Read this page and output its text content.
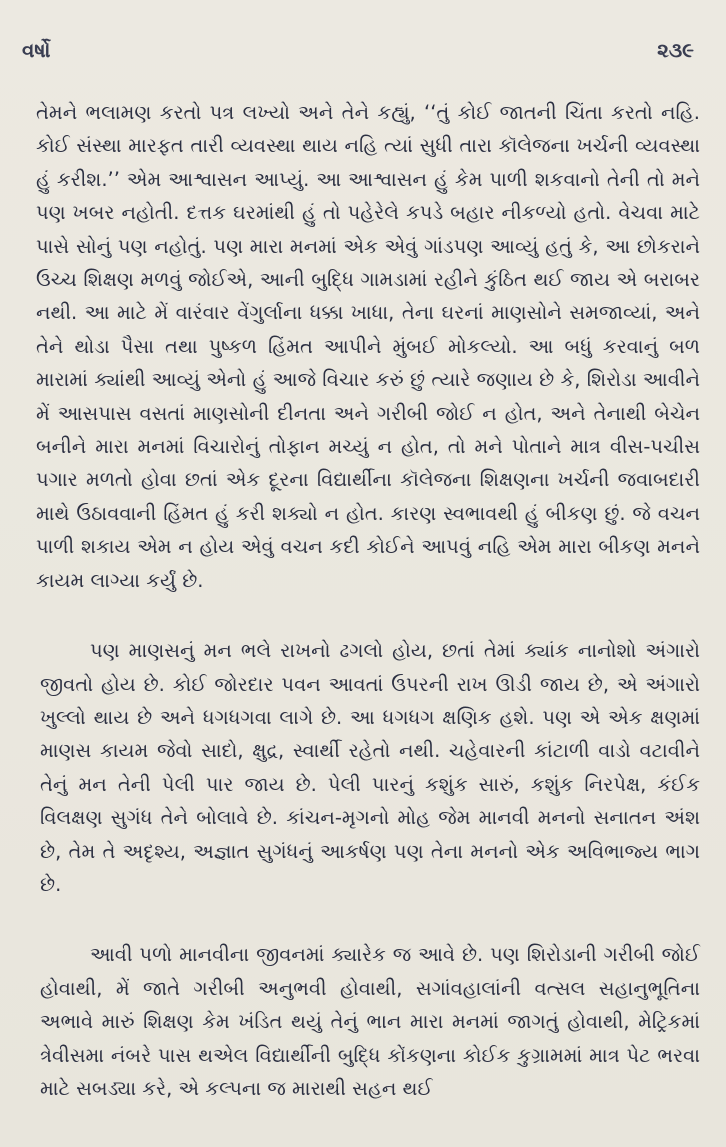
વર્ષો	૨૩૯

તેમને ભલામણ કરતો પત્ર લખ્યો અને તેને કહ્યું, ‘‘તું કોઈ જાતની ચિંતા કરતો નહિ. કોઈ સંસ્થા મારફત તારી વ્યવસ્થા થાય નહિ ત્યાં સુધી તારા કૉલેજના ખર્ચની વ્યવસ્થા હું કરીશ.’’ એમ આશ્વાસન આપ્યું. આ આશ્વાસન હું કેમ પાળી શકવાનો તેની તો મને પણ ખબર નહોતી. દત્તક ઘરમાંથી હું તો પહેરેલે કપડે બહાર નીકળ્યો હતો. વેચવા માટે પાસે સોનું પણ નહોતું. પણ મારા મનમાં એક એવું ગાંડપણ આવ્યું હતું કે, આ છોકરાને ઉચ્ચ શિક્ષણ મળવું જોઈએ, આની બુદ્ધિ ગામડામાં રહીને કુંઠિત થઈ જાય એ બરાબર નથી. આ માટે મેં વારંવાર વેંગુર્લાના ધક્કા ખાધા, તેના ઘરનાં માણસોને સમજાવ્યાં, અને તેને થોડા પૈસા તથા પુષ્કળ હિંમત આપીને મુંબઈ મોકલ્યો. આ બધું કરવાનું બળ મારામાં ક્યાંથી આવ્યું એનો હું આજે વિચાર કરું છું ત્યારે જણાય છે કે, શિરોડા આવીને મેં આસપાસ વસતાં માણસોની દીનતા અને ગરીબી જોઈ ન હોત, અને તેનાથી બેચેન બનીને મારા મનમાં વિચારોનું તોફાન મચ્યું ન હોત, તો મને પોતાને માત્ર વીસ-પચીસ પગાર મળતો હોવા છતાં એક દૂરના વિદ્યાર્થીના કૉલેજના શિક્ષણના ખર્ચની જવાબદારી માથે ઉઠાવવાની હિંમત હું કરી શક્યો ન હોત. કારણ સ્વભાવથી હું બીકણ છું. જે વચન પાળી શકાય એમ ન હોય એવું વચન કદી કોઈને આપવું નહિ એમ મારા બીકણ મનને કાયમ લાગ્યા કર્યું છે.

પણ માણસનું મન ભલે રાખનો ઢગલો હોય, છતાં તેમાં ક્યાંક નાનોશો અંગારો જીવતો હોય છે. કોઈ જોરદાર પવન આવતાં ઉપરની રાખ ઊડી જાય છે, એ અંગારો ખુલ્લો થાય છે અને ધગધગવા લાગે છે. આ ધગધગ ક્ષણિક હશે. પણ એ એક ક્ષણમાં માણસ કાયમ જેવો સાદો, ક્ષુદ્ર, સ્વાર્થી રહેતો નથી. ચહેવારની કાંટાળી વાડો વટાવીને તેનું મન તેની પેલી પાર જાય છે. પેલી પારનું કશુંક સારું, કશુંક નિરપેક્ષ, કંઈક વિલક્ષણ સુગંધ તેને બોલાવે છે. કાંચન-મૃગનો મોહ જેમ માનવી મનનો સનાતન અંશ છે, તેમ તે અદૃશ્ય, અજ્ઞાત સુગંધનું આકર્ષણ પણ તેના મનનો એક અવિભાજ્ય ભાગ છે.

આવી પળો માનવીના જીવનમાં ક્યારેક જ આવે છે. પણ શિરોડાની ગરીબી જોઈ હોવાથી, મેં જાતે ગરીબી અનુભવી હોવાથી, સગાંવહાલાંની વત્સલ સહાનુભૂતિના અભાવે મારું શિક્ષણ કેમ ખંડિત થયું તેનું ભાન મારા મનમાં જાગતું હોવાથી, મેટ્રિકમાં ત્રેવીસમા નંબરે પાસ થએલ વિદ્યાર્થીની બુદ્ધિ કોંકણના કોઈક કુગ્રામમાં માત્ર પેટ ભરવા માટે સબડ્યા કરે, એ કલ્પના જ મારાથી સહન થઈ
